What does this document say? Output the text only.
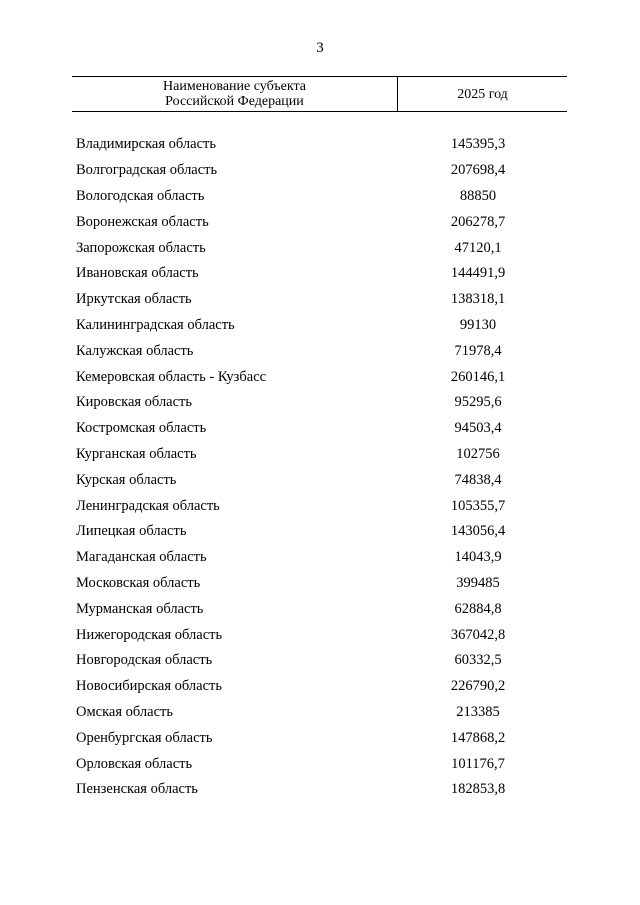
3
Наименование субъекта
Российской Федерации	2025 год
Владимирская область	145395,3
Волгоградская область	207698,4
Вологодская область	88850
Воронежская область	206278,7
Запорожская область	47120,1
Ивановская область	144491,9
Иркутская область	138318,1
Калининградская область	99130
Калужская область	71978,4
Кемеровская область - Кузбасс	260146,1
Кировская область	95295,6
Костромская область	94503,4
Курганская область	102756
Курская область	74838,4
Ленинградская область	105355,7
Липецкая область	143056,4
Магаданская область	14043,9
Московская область	399485
Мурманская область	62884,8
Нижегородская область	367042,8
Новгородская область	60332,5
Новосибирская область	226790,2
Омская область	213385
Оренбургская область	147868,2
Орловская область	101176,7
Пензенская область	182853,8
